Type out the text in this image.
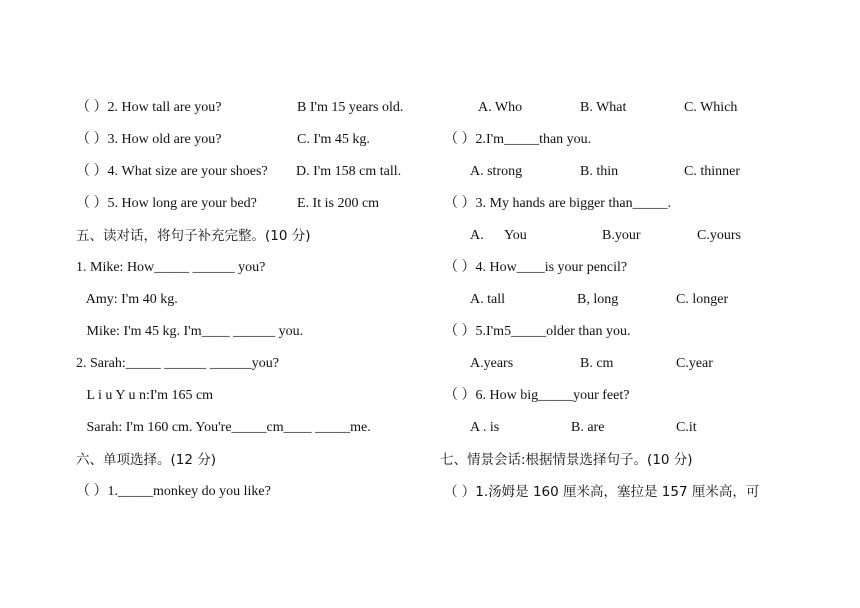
（ ）2. How tall are you?	B I'm 15 years old.
（ ）3. How old are you?	C. I'm 45 kg.
（ ）4. What size are your shoes? D. I'm 158 cm tall.
（ ）5. How long are your bed?	E. It is 200 cm
五、读对话，将句子补充完整。(10 分)
1. Mike: How_____ ______ you?
Amy: I'm 40 kg.
Mike: I'm 45 kg. I'm____ ______ you.
2. Sarah:_____ ______ ______you?
L i u Y u n:I'm 165 cm
Sarah: I'm 160 cm. You're_____cm____ _____me.
六、单项选择。(12 分)
（ ）1._____monkey do you like?
A. Who	B. What	C. Which
（ ）2.I'm_____than you.
A. strong	B. thin	C. thinner
（ ）3. My hands are bigger than_____.
A.      You	B.your	C.yours
（ ）4. How____is your pencil?
A. tall	B, long	C. longer
（ ）5.I'm5_____older than you.
A.years	B. cm	C.year
（ ）6. How big_____your feet?
A . is	B. are	C.it
七、情景会话:根据情景选择句子。(10 分)
（ ）1.汤姆是 160 厘米高，塞拉是 157 厘米高，可
